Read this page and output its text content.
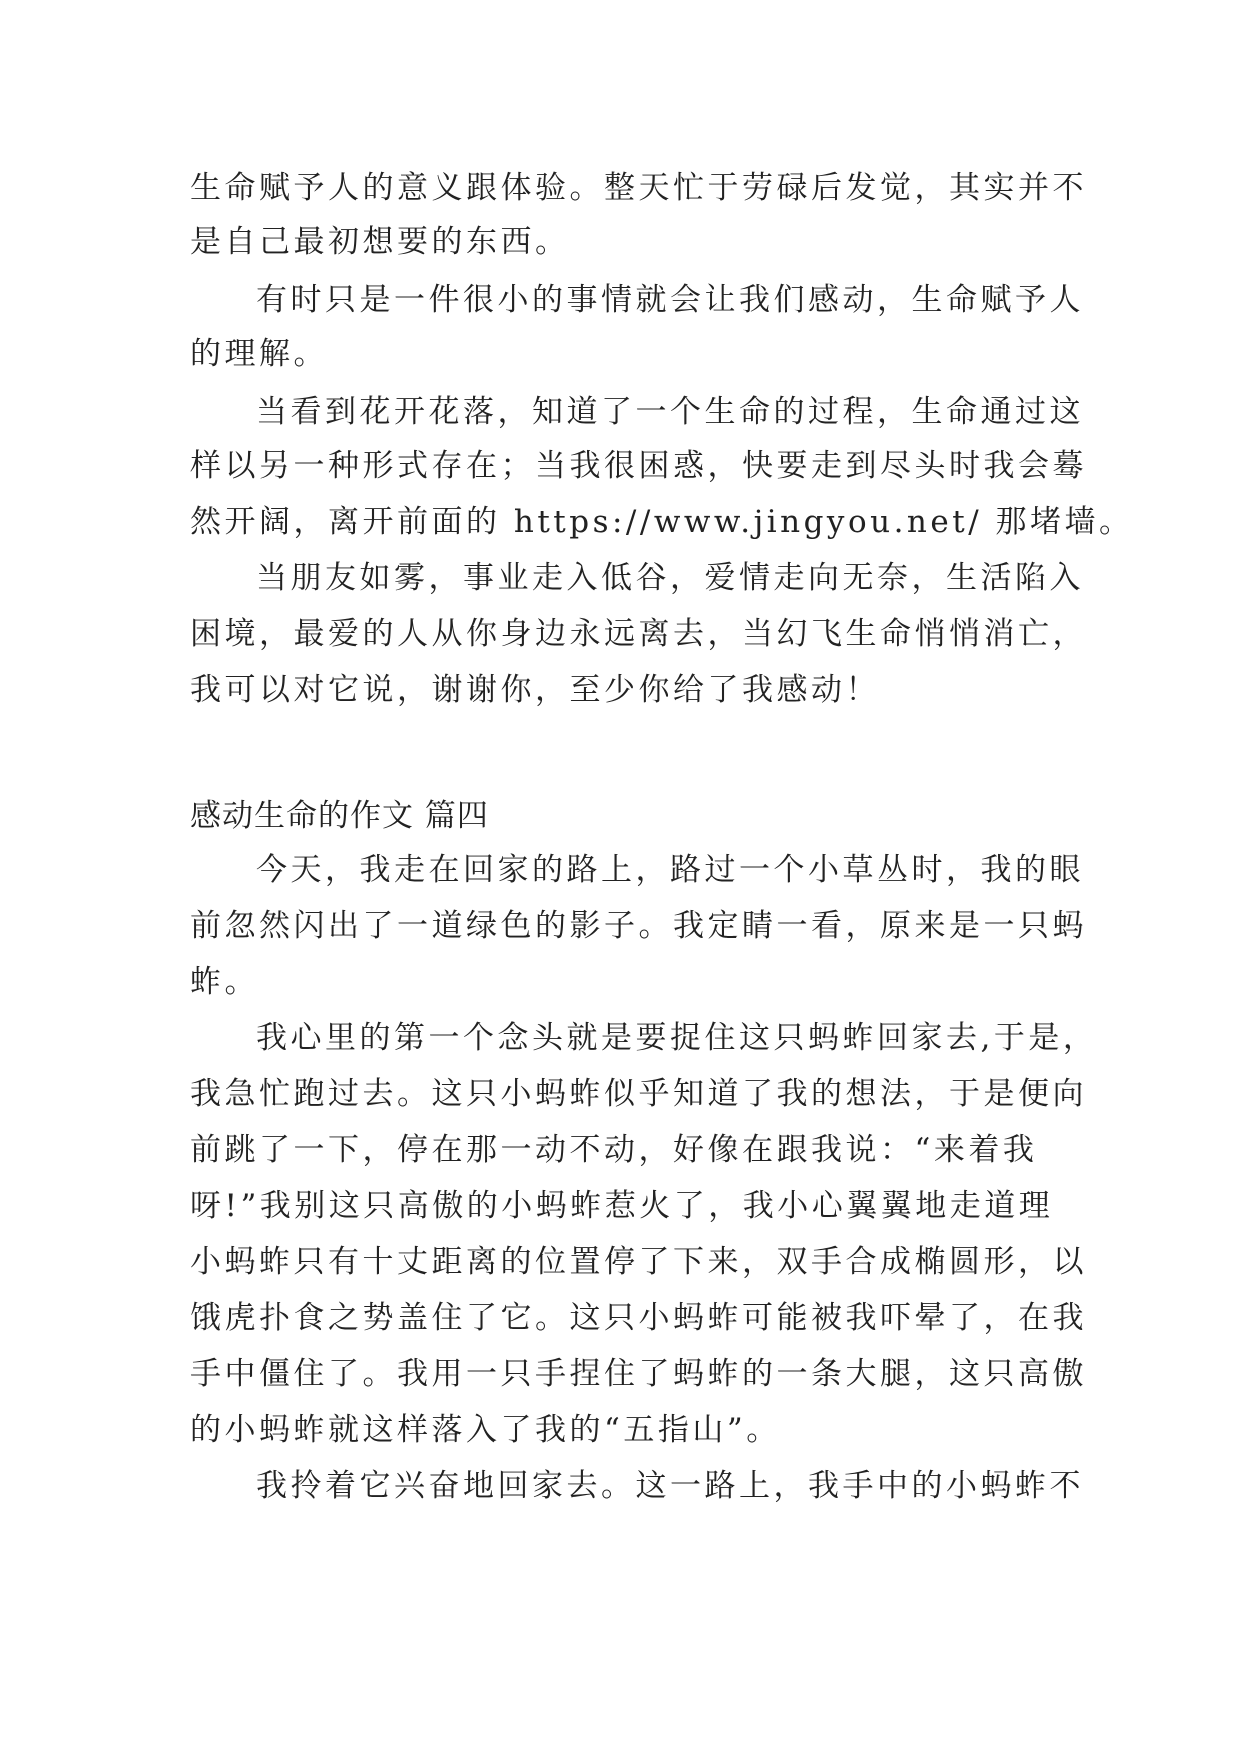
生命赋予人的意义跟体验。整天忙于劳碌后发觉，其实并不
是自己最初想要的东西。
有时只是一件很小的事情就会让我们感动，生命赋予人
的理解。
当看到花开花落，知道了一个生命的过程，生命通过这
样以另一种形式存在；当我很困惑，快要走到尽头时我会蓦
然开阔，离开前面的 https://www.jingyou.net/ 那堵墙。
当朋友如雾，事业走入低谷，爱情走向无奈，生活陷入
困境，最爱的人从你身边永远离去，当幻飞生命悄悄消亡，
我可以对它说，谢谢你，至少你给了我感动！
感动生命的作文 篇四
今天，我走在回家的路上，路过一个小草丛时，我的眼
前忽然闪出了一道绿色的影子。我定睛一看，原来是一只蚂
蚱。
我心里的第一个念头就是要捉住这只蚂蚱回家去,于是，
我急忙跑过去。这只小蚂蚱似乎知道了我的想法，于是便向
前跳了一下，停在那一动不动，好像在跟我说：“来着我
呀!”我别这只高傲的小蚂蚱惹火了，我小心翼翼地走道理
小蚂蚱只有十丈距离的位置停了下来，双手合成椭圆形，以
饿虎扑食之势盖住了它。这只小蚂蚱可能被我吓晕了，在我
手中僵住了。我用一只手捏住了蚂蚱的一条大腿，这只高傲
的小蚂蚱就这样落入了我的“五指山”。
我拎着它兴奋地回家去。这一路上，我手中的小蚂蚱不
